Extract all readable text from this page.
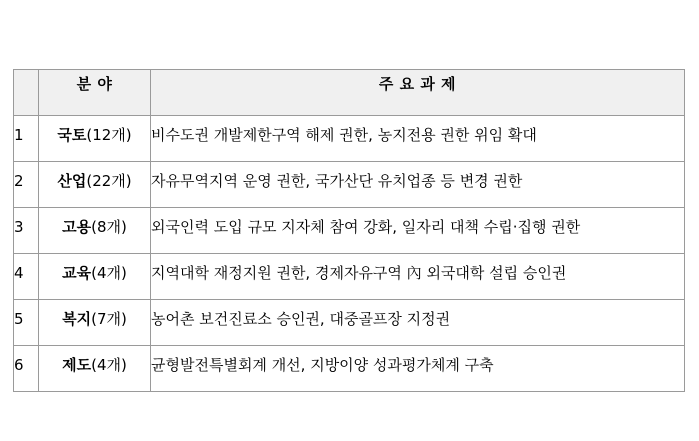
	분 야	주 요 과 제

1	국토(12개)	비수도권 개발제한구역 해제 권한, 농지전용 권한 위임 확대

2	산업(22개)	자유무역지역 운영 권한, 국가산단 유치업종 등 변경 권한

3	고용(8개)	외국인력 도입 규모 지자체 참여 강화, 일자리 대책 수립·집행 권한

4	교육(4개)	지역대학 재정지원 권한, 경제자유구역 內 외국대학 설립 승인권

5	복지(7개)	농어촌 보건진료소 승인권, 대중골프장 지정권

6	제도(4개)	균형발전특별회계 개선, 지방이양 성과평가체계 구축
